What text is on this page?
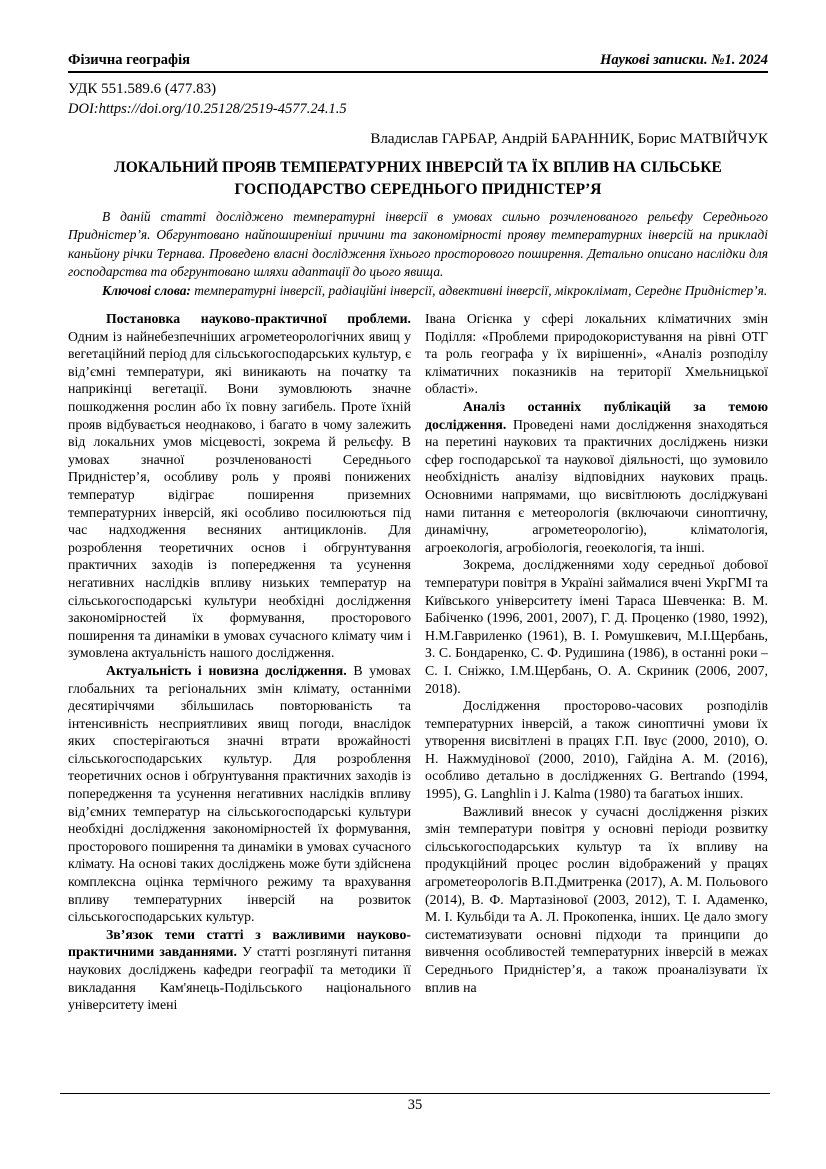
Фізична географія	Наукові записки. №1. 2024
УДК 551.589.6 (477.83)
DOI:https://doi.org/10.25128/2519-4577.24.1.5
Владислав ГАРБАР, Андрій БАРАННИК, Борис МАТВІЙЧУК
ЛОКАЛЬНИЙ ПРОЯВ ТЕМПЕРАТУРНИХ ІНВЕРСІЙ ТА ЇХ ВПЛИВ НА СІЛЬСЬКЕ ГОСПОДАРСТВО СЕРЕДНЬОГО ПРИДНІСТЕР’Я

В даній статті досліджено температурні інверсії в умовах сильно розчленованого рельєфу Середнього Придністер’я. Обгрунтовано найпоширеніші причини та закономірності прояву температурних інверсій на прикладі каньйону річки Тернава. Проведено власні дослідження їхнього просторового поширення. Детально описано наслідки для господарства та обгрунтовано шляхи адаптації до цього явища.

Ключові слова: температурні інверсії, радіаційні інверсії, адвективні інверсії, мікроклімат, Середнє Придністер’я.

Постановка науково-практичної проблеми. Одним із найнебезпечніших агрометеорологічних явищ у вегетаційний період для сільськогосподарських культур, є від’ємні температури, які виникають на початку та наприкінці вегетації. Вони зумовлюють значне пошкодження рослин або їх повну загибель. Проте їхній прояв відбувається неоднаково, і багато в чому залежить від локальних умов місцевості, зокрема й рельєфу. В умовах значної розчленованості Середнього Придністер’я, особливу роль у прояві понижених температур відіграє поширення приземних температурних інверсій, які особливо посилюються під час надходження весняних антициклонів. Для розроблення теоретичних основ і обгрунтування практичних заходів із попередження та усунення негативних наслідків впливу низьких температур на сільськогосподарські культури необхідні дослідження закономірностей їх формування, просторового поширення та динаміки в умовах сучасного клімату чим і зумовлена актуальність нашого дослідження.

Актуальність і новизна дослідження. В умовах глобальних та регіональних змін клімату, останніми десятиріччями збільшилась повторюваність та інтенсивність несприятливих явищ погоди, внаслідок яких спостерігаються значні втрати врожайності сільськогосподарських культур. Для розроблення теоретичних основ і обґрунтування практичних заходів із попередження та усунення негативних наслідків впливу від’ємних температур на сільськогосподарські культури необхідні дослідження закономірностей їх формування, просторового поширення та динаміки в умовах сучасного клімату. На основі таких досліджень може бути здійснена комплексна оцінка термічного режиму та врахування впливу температурних інверсій на розвиток сільськогосподарських культур.

Зв’язок теми статті з важливими науково-практичними завданнями. У статті розглянуті питання наукових досліджень кафедри географії та методики її викладання Кам'янець-Подільського національного університету імені

Івана Огієнка у сфері локальних кліматичних змін Поділля: «Проблеми природокористування на рівні ОТГ та роль географа у їх вирішенні», «Аналіз розподілу кліматичних показників на території Хмельницької області».

Аналіз останніх публікацій за темою дослідження. Проведені нами дослідження знаходяться на перетині наукових та практичних досліджень низки сфер господарської та наукової діяльності, що зумовило необхідність аналізу відповідних наукових праць. Основними напрямами, що висвітлюють досліджувані нами питання є метеорологія (включаючи синоптичну, динамічну, агрометеорологію), кліматологія, агроекологія, агробіологія, геоекологія, та інші.

Зокрема, дослідженнями ходу середньої добової температури повітря в Україні займалися вчені УкрГМІ та Київського університету імені Тараса Шевченка: В. М. Бабіченко (1996, 2001, 2007), Г. Д. Проценко (1980, 1992), Н.М.Гавриленко (1961), В. І. Ромушкевич, М.І.Щербань, З. С. Бондаренко, С. Ф. Рудишина (1986), в останні роки – С. І. Сніжко, І.М.Щербань, О. А. Скриник (2006, 2007, 2018).

Дослідження просторово-часових розподілів температурних інверсій, а також синоптичні умови їх утворення висвітлені в працях Г.П. Івус (2000, 2010), О. Н. Нажмудінової (2000, 2010), Гайдіна А. М. (2016), особливо детально в дослідженнях G. Bertrando (1994, 1995), G. Langhlin і J. Kalma (1980) та багатьох інших.

Важливий внесок у сучасні дослідження різких змін температури повітря у основні періоди розвитку сільськогосподарських культур та їх впливу на продукційний процес рослин відображений у працях агрометеорологів В.П.Дмитренка (2017), А. М. Польового (2014), В. Ф. Мартазінової (2003, 2012), Т. І. Адаменко, М. І. Кульбіди та А. Л. Прокопенка, інших. Це дало змогу систематизувати основні підходи та принципи до вивчення особливостей температурних інверсій в межах Середнього Придністер’я, а також проаналізувати їх вплив на

35
